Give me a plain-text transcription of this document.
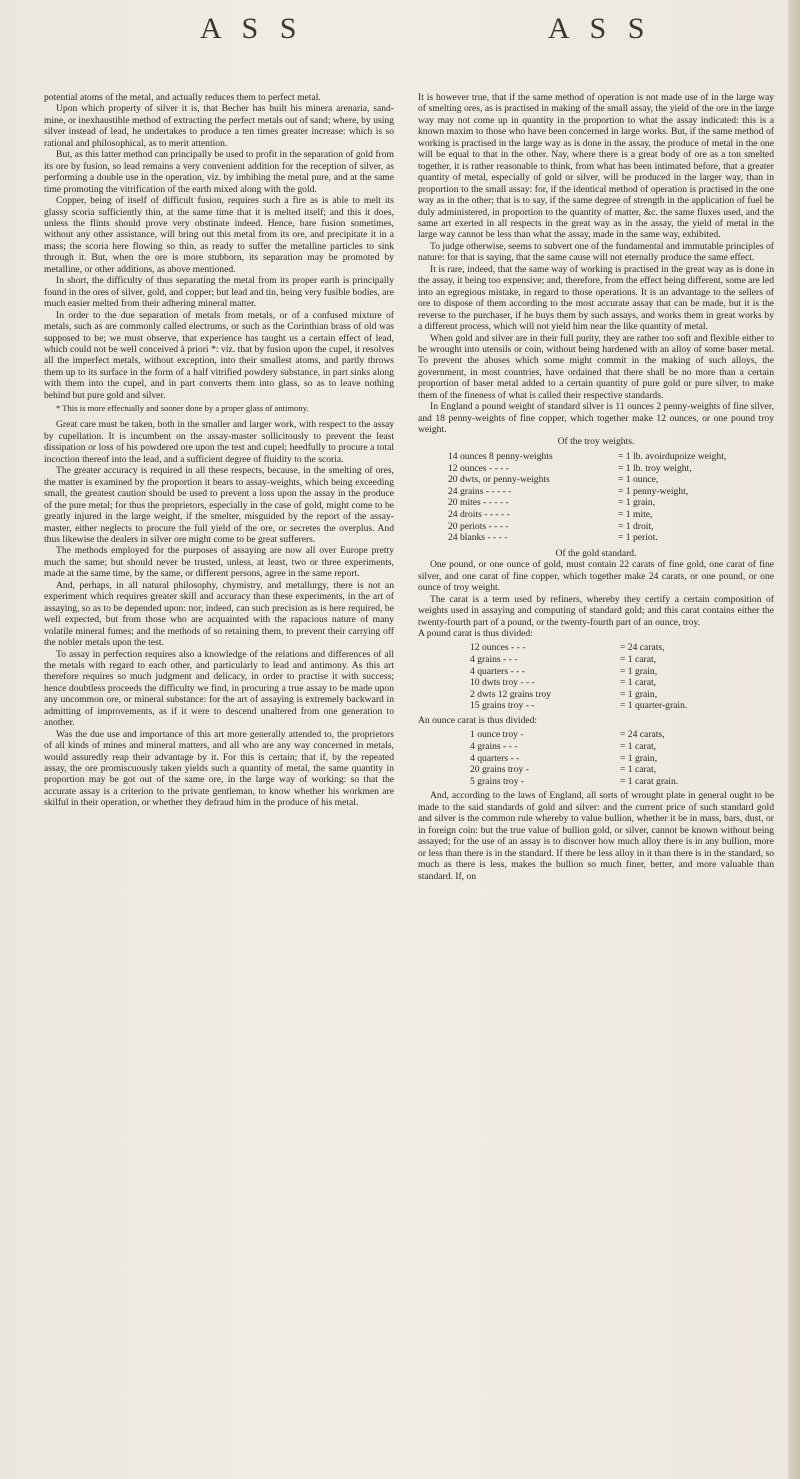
A S S	A S S

potential atoms of the metal, and actually reduces them to perfect metal.

Upon which property of silver it is, that Becher has built his minera arenaria, sand-mine, or inexhaustible method of extracting the perfect metals out of sand; where, by using silver instead of lead, he undertakes to produce a ten times greater increase: which is so rational and philosophical, as to merit attention.

But, as this latter method can principally be used to profit in the separation of gold from its ore by fusion, so lead remains a very convenient addition for the reception of silver, as performing a double use in the operation, viz. by imbibing the metal pure, and at the same time promoting the vitrification of the earth mixed along with the gold.

Copper, being of itself of difficult fusion, requires such a fire as is able to melt its glassy scoria sufficiently thin, at the same time that it is melted itself; and this it does, unless the flints should prove very obstinate indeed. Hence, bare fusion sometimes, without any other assistance, will bring out this metal from its ore, and precipitate it in a mass; the scoria here flowing so thin, as ready to suffer the metalline particles to sink through it. But, when the ore is more stubborn, its separation may be promoted by metalline, or other additions, as above mentioned.

In short, the difficulty of thus separating the metal from its proper earth is principally found in the ores of silver, gold, and copper; but lead and tin, being very fusible bodies, are much easier melted from their adhering mineral matter.

In order to the due separation of metals from metals, or of a confused mixture of metals, such as are commonly called electrums, or such as the Corinthian brass of old was supposed to be; we must observe, that experience has taught us a certain effect of lead, which could not be well conceived à priori *: viz. that by fusion upon the cupel, it resolves all the imperfect metals, without exception, into their smallest atoms, and partly throws them up to its surface in the form of a half vitrified powdery substance, in part sinks along with them into the cupel, and in part converts them into glass, so as to leave nothing behind but pure gold and silver.

* This is more effectually and sooner done by a proper glass of antimony.

Great care must be taken, both in the smaller and larger work, with respect to the assay by cupellation. It is incumbent on the assay-master sollicitously to prevent the least dissipation or loss of his powdered ore upon the test and cupel; heedfully to procure a total incoction thereof into the lead, and a sufficient degree of fluidity to the scoria.

The greater accuracy is required in all these respects, because, in the smelting of ores, the matter is examined by the proportion it bears to assay-weights, which being exceeding small, the greatest caution should be used to prevent a loss upon the assay in the produce of the pure metal; for thus the proprietors, especially in the case of gold, might come to be greatly injured in the large weight, if the smelter, misguided by the report of the assay-master, either neglects to procure the full yield of the ore, or secretes the overplus. And thus likewise the dealers in silver ore might come to be great sufferers.

The methods employed for the purposes of assaying are now all over Europe pretty much the same; but should never be trusted, unless, at least, two or three experiments, made at the same time, by the same, or different persons, agree in the same report.

And, perhaps, in all natural philosophy, chymistry, and metallurgy, there is not an experiment which requires greater skill and accuracy than these experiments, in the art of assaying, so as to be depended upon: nor, indeed, can such precision as is here required, be well expected, but from those who are acquainted with the rapacious nature of many volatile mineral fumes; and the methods of so retaining them, to prevent their carrying off the nobler metals upon the test.

To assay in perfection requires also a knowledge of the relations and differences of all the metals with regard to each other, and particularly to lead and antimony. As this art therefore requires so much judgment and delicacy, in order to practise it with success; hence doubtless proceeds the difficulty we find, in procuring a true assay to be made upon any uncommon ore, or mineral substance: for the art of assaying is extremely backward in admitting of improvements, as if it were to descend unaltered from one generation to another.

Was the due use and importance of this art more generally attended to, the proprietors of all kinds of mines and mineral matters, and all who are any way concerned in metals, would assuredly reap their advantage by it. For this is certain; that if, by the repeated assay, the ore promiscuously taken yields such a quantity of metal, the same quantity in proportion may be got out of the same ore, in the large way of working: so that the accurate assay is a criterion to the private gentleman, to know whether his workmen are skilful in their operation, or whether they defraud him in the produce of his metal.

It is however true, that if the same method of operation is not made use of in the large way of smelting ores, as is practised in making of the small assay, the yield of the ore in the large way may not come up in quantity in the proportion to what the assay indicated: this is a known maxim to those who have been concerned in large works. But, if the same method of working is practised in the large way as is done in the assay, the produce of metal in the one will be equal to that in the other. Nay, where there is a great body of ore as a ton smelted together, it is rather reasonable to think, from what has been intimated before, that a greater quantity of metal, especially of gold or silver, will be produced in the larger way, than in proportion to the small assay: for, if the identical method of operation is practised in the one way as in the other; that is to say, if the same degree of strength in the application of fuel be duly administered, in proportion to the quantity of matter, &c. the same fluxes used, and the same art exerted in all respects in the great way as in the assay, the yield of metal in the large way cannot be less than what the assay, made in the same way, exhibited.

To judge otherwise, seems to subvert one of the fundamental and immutable principles of nature: for that is saying, that the same cause will not eternally produce the same effect.

It is rare, indeed, that the same way of working is practised in the great way as is done in the assay, it being too expensive; and, therefore, from the effect being different, some are led into an egregious mistake, in regard to those operations. It is an advantage to the sellers of ore to dispose of them according to the most accurate assay that can be made, but it is the reverse to the purchaser, if he buys them by such assays, and works them in great works by a different process, which will not yield him near the like quantity of metal.

When gold and silver are in their full purity, they are rather too soft and flexible either to be wrought into utensils or coin, without being hardened with an alloy of some baser metal. To prevent the abuses which some might commit in the making of such alloys, the government, in most countries, have ordained that there shall be no more than a certain proportion of baser metal added to a certain quantity of pure gold or pure silver, to make them of the fineness of what is called their respective standards.

In England a pound weight of standard silver is 11 ounces 2 penny-weights of fine silver, and 18 penny-weights of fine copper, which together make 12 ounces, or one pound troy weight.

Of the troy weights.

14 ounces 8 penny-weights	= 1 lb. avoirdupoize weight,
12 ounces - - - -	= 1 lb. troy weight,
20 dwts, or penny-weights	= 1 ounce,
24 grains - - - - -	= 1 penny-weight,
20 mites - - - - -	= 1 grain,
24 droits - - - - -	= 1 mite,
20 periots - - - -	= 1 droit,
24 blanks - - - -	= 1 periot.

Of the gold standard.

One pound, or one ounce of gold, must contain 22 carats of fine gold, one carat of fine silver, and one carat of fine copper, which together make 24 carats, or one pound, or one ounce of troy weight.

The carat is a term used by refiners, whereby they certify a certain composition of weights used in assaying and computing of standard gold; and this carat contains either the twenty-fourth part of a pound, or the twenty-fourth part of an ounce, troy.

A pound carat is thus divided:

12 ounces - - -	= 24 carats,
4 grains - - -	= 1 carat,
4 quarters - - -	= 1 grain,
10 dwts troy - - -	= 1 carat,
2 dwts 12 grains troy	= 1 grain,
15 grains troy - -	= 1 quarter-grain.

An ounce carat is thus divided:

1 ounce troy -	= 24 carats,
4 grains - - -	= 1 carat,
4 quarters - -	= 1 grain,
20 grains troy -	= 1 carat,
5 grains troy -	= 1 carat grain.

And, according to the laws of England, all sorts of wrought plate in general ought to be made to the said standards of gold and silver: and the current price of such standard gold and silver is the common rule whereby to value bullion, whether it be in mass, bars, dust, or in foreign coin: but the true value of bullion gold, or silver, cannot be known without being assayed; for the use of an assay is to discover how much alloy there is in any bullion, more or less than there is in the standard. If there be less alloy in it than there is in the standard, so much as there is less, makes the bullion so much finer, better, and more valuable than standard. If, on
